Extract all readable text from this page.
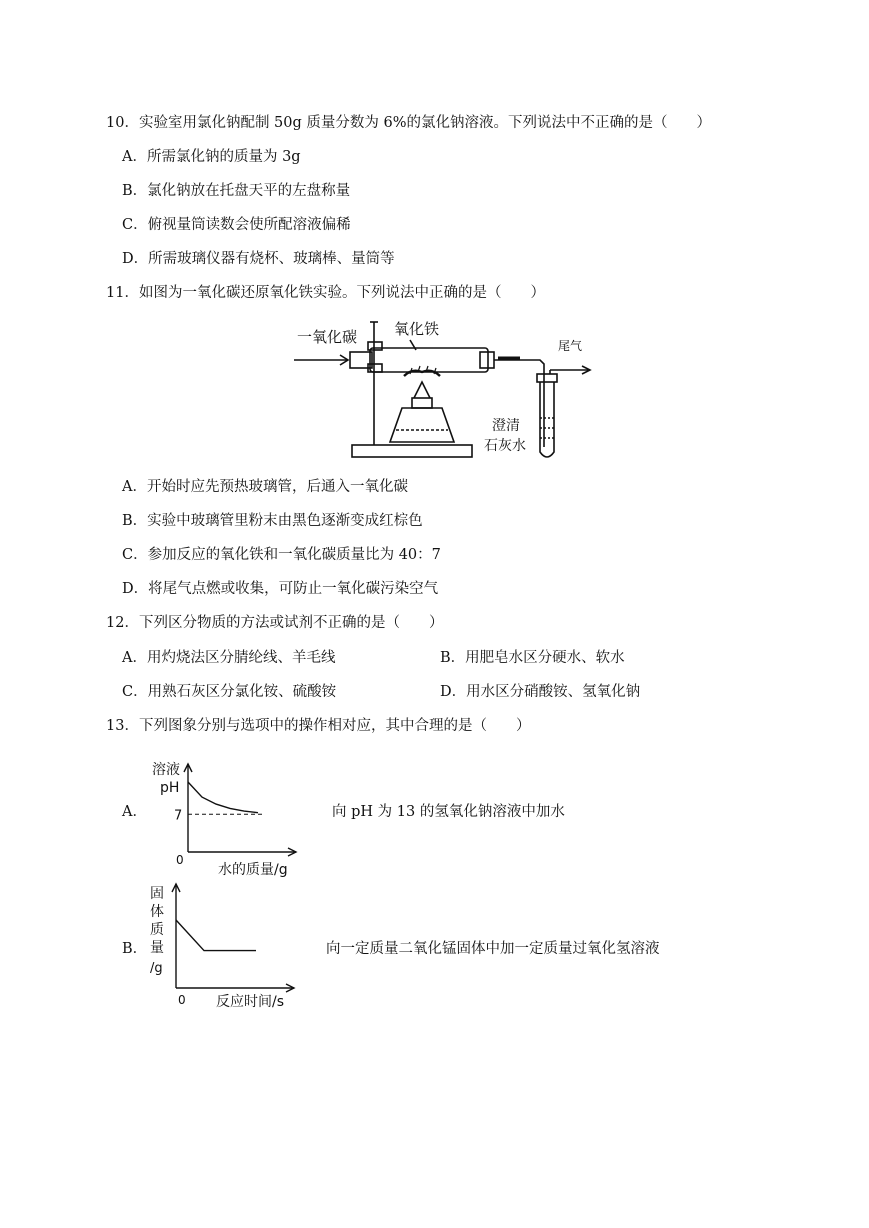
10．实验室用氯化钠配制 50g 质量分数为 6%的氯化钠溶液。下列说法中不正确的是（　　）
A．所需氯化钠的质量为 3g
B．氯化钠放在托盘天平的左盘称量
C．俯视量筒读数会使所配溶液偏稀
D．所需玻璃仪器有烧杯、玻璃棒、量筒等
11．如图为一氧化碳还原氧化铁实验。下列说法中正确的是（　　）
一氧化碳 氧化铁
尾气
澄清
石灰水
A．开始时应先预热玻璃管，后通入一氧化碳
B．实验中玻璃管里粉末由黑色逐渐变成红棕色
C．参加反应的氧化铁和一氧化碳质量比为 40：7
D．将尾气点燃或收集，可防止一氧化碳污染空气
12．下列区分物质的方法或试剂不正确的是（　　）
A．用灼烧法区分腈纶线、羊毛线	B．用肥皂水区分硬水、软水
C．用熟石灰区分氯化铵、硫酸铵	D．用水区分硝酸铵、氢氧化钠
13．下列图象分别与选项中的操作相对应，其中合理的是（　　）
A．
溶液
pH
7
0
水的质量/g
向 pH 为 13 的氢氧化钠溶液中加水
B．
固
体
质
量
/g
0 反应时间/s
向一定质量二氧化锰固体中加一定质量过氧化氢溶液
